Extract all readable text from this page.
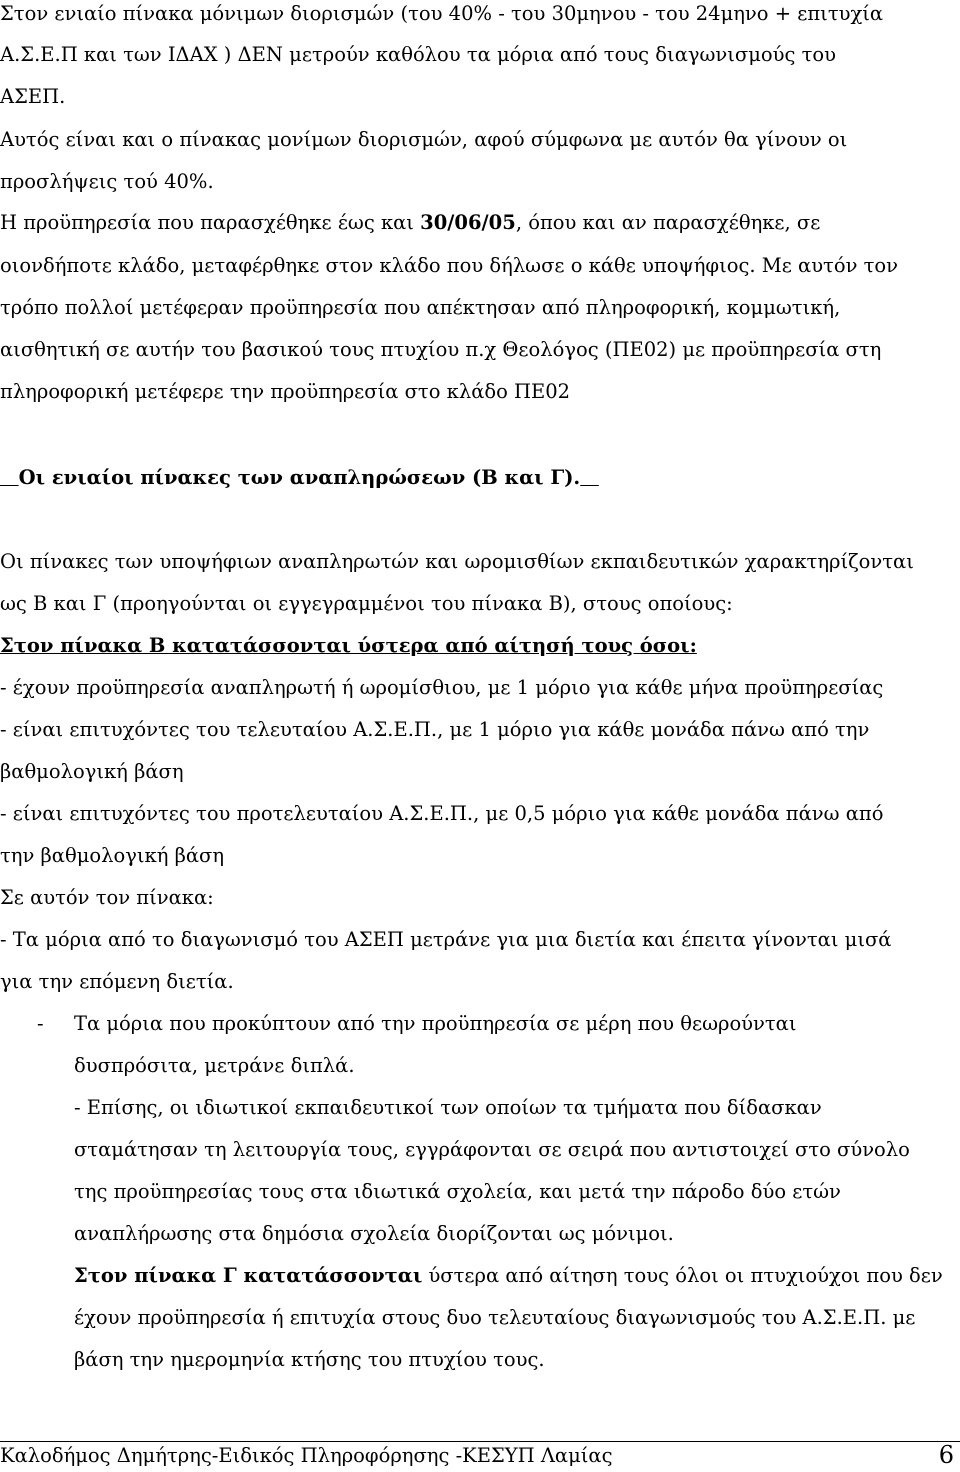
Στον ενιαίο πίνακα μόνιμων διορισμών (του 40% - του 30μηνου - του 24μηνο + επιτυχία
Α.Σ.Ε.Π και των ΙΔΑΧ ) ΔΕΝ μετρούν καθόλου τα μόρια από τους διαγωνισμούς του
ΑΣΕΠ.
Αυτός είναι και ο πίνακας μονίμων διορισμών, αφού σύμφωνα με αυτόν θα γίνουν οι
προσλήψεις τού 40%.
Η προϋπηρεσία που παρασχέθηκε έως και 30/06/05, όπου και αν παρασχέθηκε, σε
οιονδήποτε κλάδο, μεταφέρθηκε στον κλάδο που δήλωσε ο κάθε υποψήφιος. Με αυτόν τον
τρόπο πολλοί μετέφεραν προϋπηρεσία που απέκτησαν από πληροφορική, κομμωτική,
αισθητική σε αυτήν του βασικού τους πτυχίου π.χ Θεολόγος (ΠΕ02) με προϋπηρεσία στη
πληροφορική μετέφερε την προϋπηρεσία στο κλάδο ΠΕ02
Οι ενιαίοι πίνακες των αναπληρώσεων (Β και Γ).
Οι πίνακες των υποψήφιων αναπληρωτών και ωρομισθίων εκπαιδευτικών χαρακτηρίζονται
ως Β και Γ (προηγούνται οι εγγεγραμμένοι του πίνακα Β), στους οποίους:
Στον πίνακα Β κατατάσσονται ύστερα από αίτησή τους όσοι:
- έχουν προϋπηρεσία αναπληρωτή ή ωρομίσθιου, με 1 μόριο για κάθε μήνα προϋπηρεσίας
- είναι επιτυχόντες του τελευταίου Α.Σ.Ε.Π., με 1 μόριο για κάθε μονάδα πάνω από την
βαθμολογική βάση
- είναι επιτυχόντες του προτελευταίου Α.Σ.Ε.Π., με 0,5 μόριο για κάθε μονάδα πάνω από
την βαθμολογική βάση
Σε αυτόν τον πίνακα:
- Τα μόρια από το διαγωνισμό του ΑΣΕΠ μετράνε για μια διετία και έπειτα γίνονται μισά
για την επόμενη διετία.
- Τα μόρια που προκύπτουν από την προϋπηρεσία σε μέρη που θεωρούνται
δυσπρόσιτα, μετράνε διπλά.
- Επίσης, οι ιδιωτικοί εκπαιδευτικοί των οποίων τα τμήματα που δίδασκαν
σταμάτησαν τη λειτουργία τους, εγγράφονται σε σειρά που αντιστοιχεί στο σύνολο
της προϋπηρεσίας τους στα ιδιωτικά σχολεία, και μετά την πάροδο δύο ετών
αναπλήρωσης στα δημόσια σχολεία διορίζονται ως μόνιμοι.
Στον πίνακα Γ κατατάσσονται ύστερα από αίτηση τους όλοι οι πτυχιούχοι που δεν
έχουν προϋπηρεσία ή επιτυχία στους δυο τελευταίους διαγωνισμούς του Α.Σ.Ε.Π. με
βάση την ημερομηνία κτήσης του πτυχίου τους.
Καλοδήμος Δημήτρης-Ειδικός Πληροφόρησης -ΚΕΣΥΠ Λαμίας	6
